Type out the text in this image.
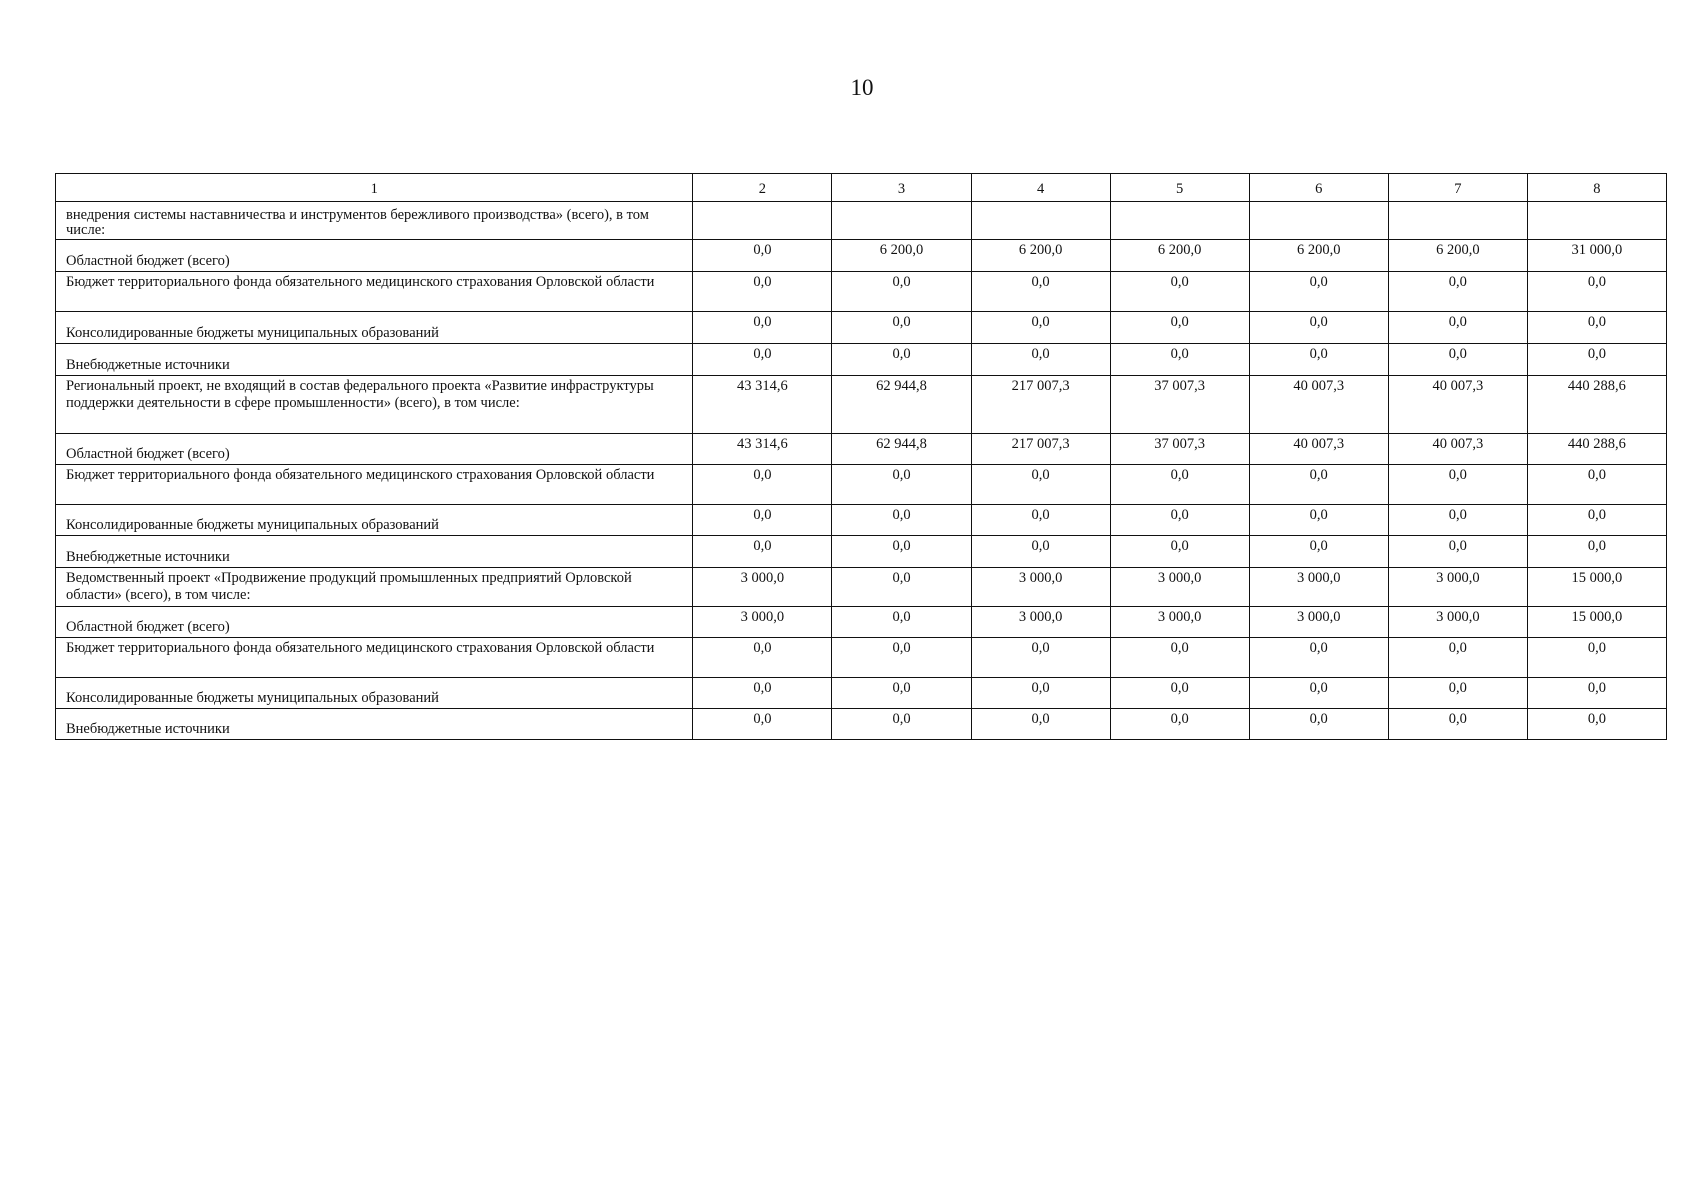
10
1	2	3	4	5	6	7	8
внедрения системы наставничества и инструментов бережливого производства» (всего), в том числе:							
Областной бюджет (всего)	0,0	6 200,0	6 200,0	6 200,0	6 200,0	6 200,0	31 000,0
Бюджет территориального фонда обязательного медицинского страхования Орловской области	0,0	0,0	0,0	0,0	0,0	0,0	0,0
Консолидированные бюджеты муниципальных образований	0,0	0,0	0,0	0,0	0,0	0,0	0,0
Внебюджетные источники	0,0	0,0	0,0	0,0	0,0	0,0	0,0
Региональный проект, не входящий в состав федерального проекта «Развитие инфраструктуры поддержки деятельности в сфере промышленности» (всего), в том числе:	43 314,6	62 944,8	217 007,3	37 007,3	40 007,3	40 007,3	440 288,6
Областной бюджет (всего)	43 314,6	62 944,8	217 007,3	37 007,3	40 007,3	40 007,3	440 288,6
Бюджет территориального фонда обязательного медицинского страхования Орловской области	0,0	0,0	0,0	0,0	0,0	0,0	0,0
Консолидированные бюджеты муниципальных образований	0,0	0,0	0,0	0,0	0,0	0,0	0,0
Внебюджетные источники	0,0	0,0	0,0	0,0	0,0	0,0	0,0
Ведомственный проект «Продвижение продукций промышленных предприятий Орловской области» (всего), в том числе:	3 000,0	0,0	3 000,0	3 000,0	3 000,0	3 000,0	15 000,0
Областной бюджет (всего)	3 000,0	0,0	3 000,0	3 000,0	3 000,0	3 000,0	15 000,0
Бюджет территориального фонда обязательного медицинского страхования Орловской области	0,0	0,0	0,0	0,0	0,0	0,0	0,0
Консолидированные бюджеты муниципальных образований	0,0	0,0	0,0	0,0	0,0	0,0	0,0
Внебюджетные источники	0,0	0,0	0,0	0,0	0,0	0,0	0,0
